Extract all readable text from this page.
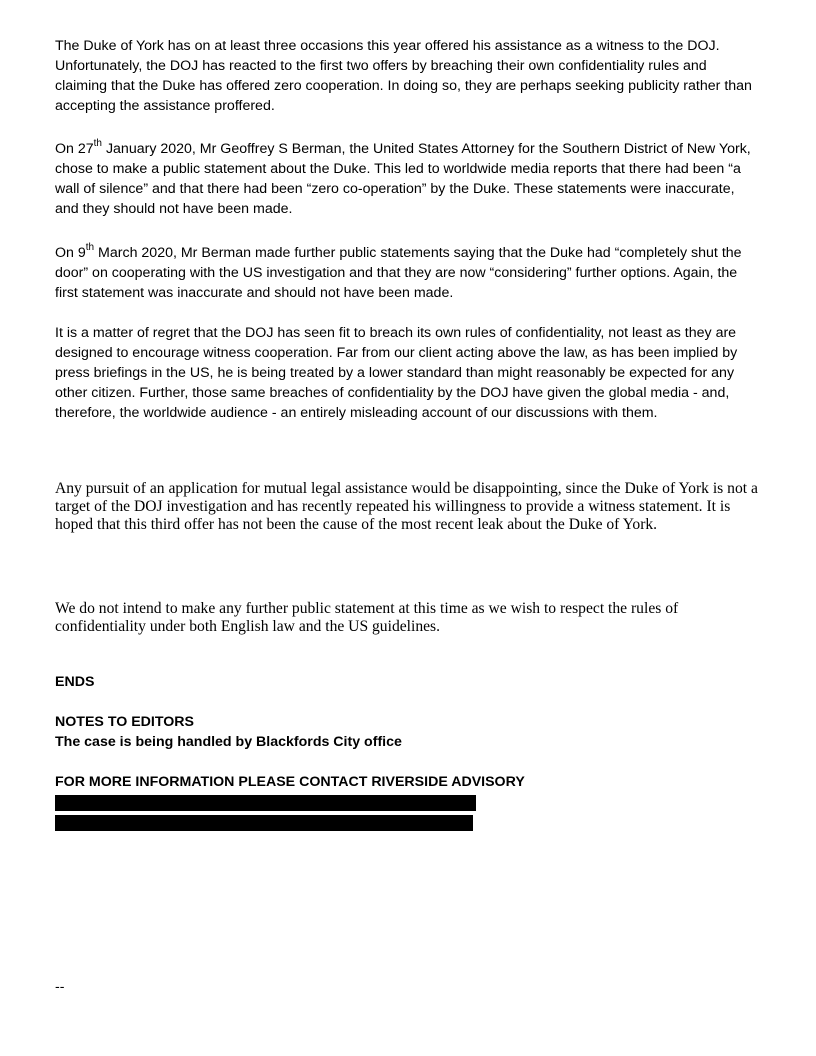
The Duke of York has on at least three occasions this year offered his assistance as a witness to the DOJ. Unfortunately, the DOJ has reacted to the first two offers by breaching their own confidentiality rules and claiming that the Duke has offered zero cooperation. In doing so, they are perhaps seeking publicity rather than accepting the assistance proffered.

On 27th January 2020, Mr Geoffrey S Berman, the United States Attorney for the Southern District of New York, chose to make a public statement about the Duke. This led to worldwide media reports that there had been “a wall of silence” and that there had been “zero co-operation” by the Duke. These statements were inaccurate, and they should not have been made.

On 9th March 2020, Mr Berman made further public statements saying that the Duke had “completely shut the door” on cooperating with the US investigation and that they are now “considering” further options. Again, the first statement was inaccurate and should not have been made.

It is a matter of regret that the DOJ has seen fit to breach its own rules of confidentiality, not least as they are designed to encourage witness cooperation. Far from our client acting above the law, as has been implied by press briefings in the US, he is being treated by a lower standard than might reasonably be expected for any other citizen. Further, those same breaches of confidentiality by the DOJ have given the global media - and, therefore, the worldwide audience - an entirely misleading account of our discussions with them.

Any pursuit of an application for mutual legal assistance would be disappointing, since the Duke of York is not a target of the DOJ investigation and has recently repeated his willingness to provide a witness statement. It is hoped that this third offer has not been the cause of the most recent leak about the Duke of York.

We do not intend to make any further public statement at this time as we wish to respect the rules of confidentiality under both English law and the US guidelines.

ENDS

NOTES TO EDITORS

The case is being handled by Blackfords City office

FOR MORE INFORMATION PLEASE CONTACT RIVERSIDE ADVISORY

--
